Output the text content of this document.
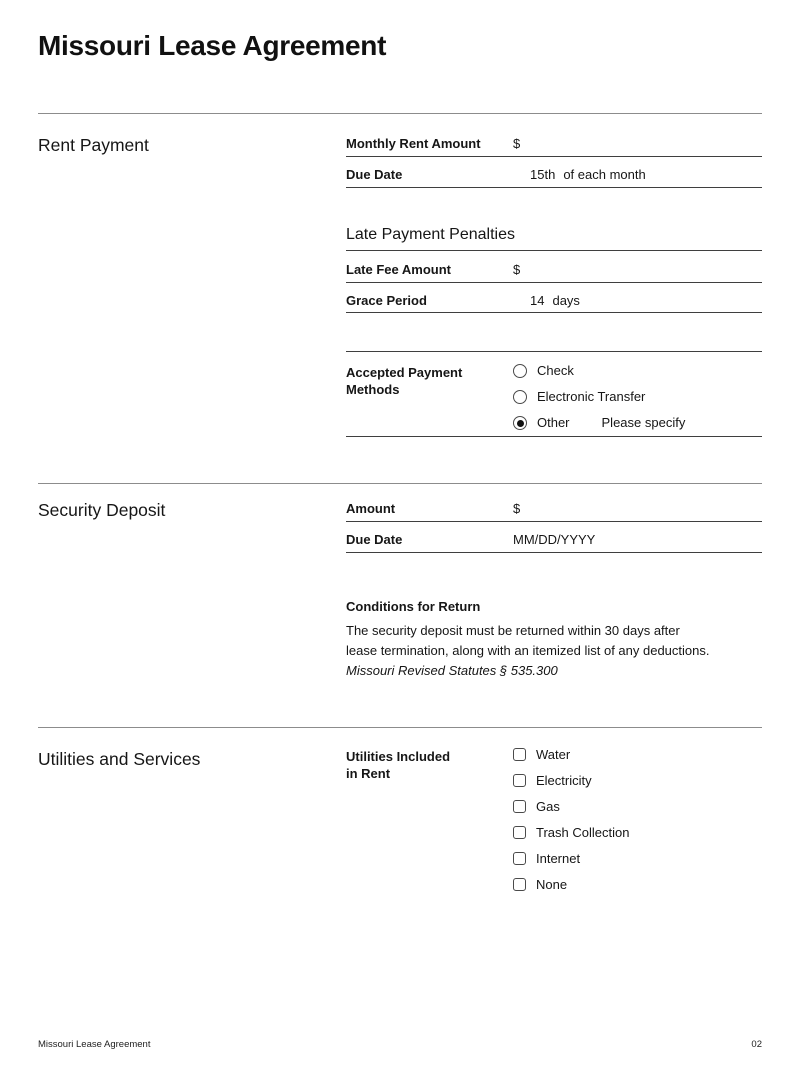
Missouri Lease Agreement
Rent Payment	Monthly Rent Amount	$
Due Date	15th of each month
Late Payment Penalties
Late Fee Amount	$
Grace Period	14 days
Accepted Payment Methods
Check
Electronic Transfer
Other Please specify
Security Deposit	Amount	$
Due Date	MM/DD/YYYY
Conditions for Return

The security deposit must be returned within 30 days after
lease termination, along with an itemized list of any deductions.

Missouri Revised Statutes § 535.300

Utilities and Services	Utilities Included
in Rent
Water
Electricity
Gas
Trash Collection
Internet
None
Missouri Lease Agreement	02
